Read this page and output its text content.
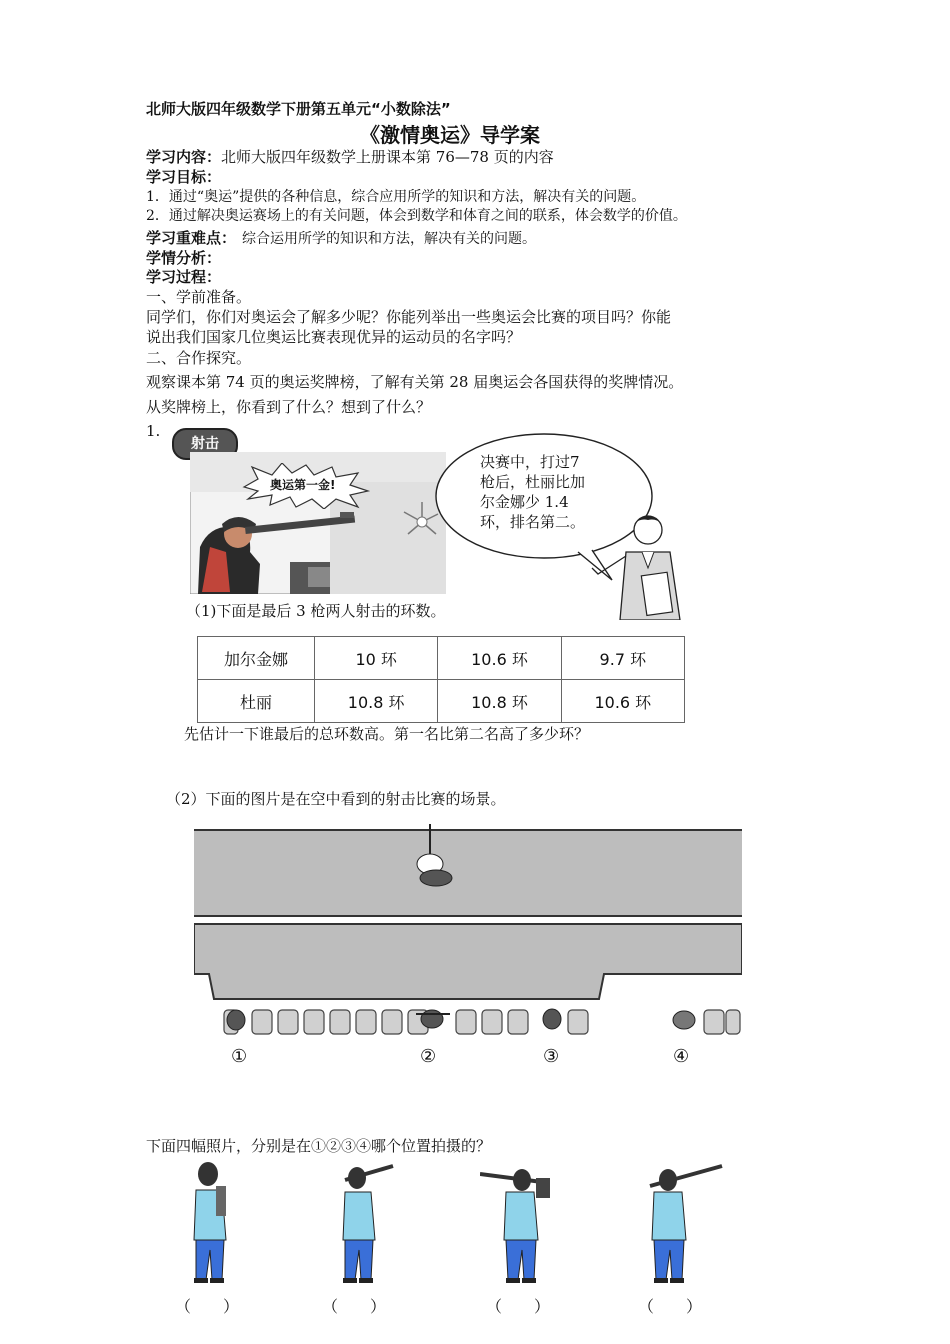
北师大版四年级数学下册第五单元“小数除法”
《激情奥运》导学案
学习内容：北师大版四年级数学上册课本第 76—78 页的内容
学习目标：
1．通过“奥运”提供的各种信息，综合应用所学的知识和方法，解决有关的问题。
2．通过解决奥运赛场上的有关问题，体会到数学和体育之间的联系，体会数学的价值。
学习重难点： 综合运用所学的知识和方法，解决有关的问题。
学情分析：
学习过程：
一、学前准备。
同学们，你们对奥运会了解多少呢？你能列举出一些奥运会比赛的项目吗？你能
说出我们国家几位奥运比赛表现优异的运动员的名字吗？
二、合作探究。
观察课本第 74 页的奥运奖牌榜，了解有关第 28 届奥运会各国获得的奖牌情况。
从奖牌榜上，你看到了什么？想到了什么？
1.
射击
奥运第一金!
决赛中，打过7
枪后，杜丽比加
尔金娜少 1.4
环，排名第二。
（1)下面是最后 3 枪两人射击的环数。
加尔金娜	10 环	10.6 环	9.7 环
杜丽	10.8 环	10.8 环	10.6 环
先估计一下谁最后的总环数高。第一名比第二名高了多少环？
（2）下面的图片是在空中看到的射击比赛的场景。
①	②	③	④
下面四幅照片，分别是在①②③④哪个位置拍摄的？
（　　）	（　　）	（　　）	（　　）
